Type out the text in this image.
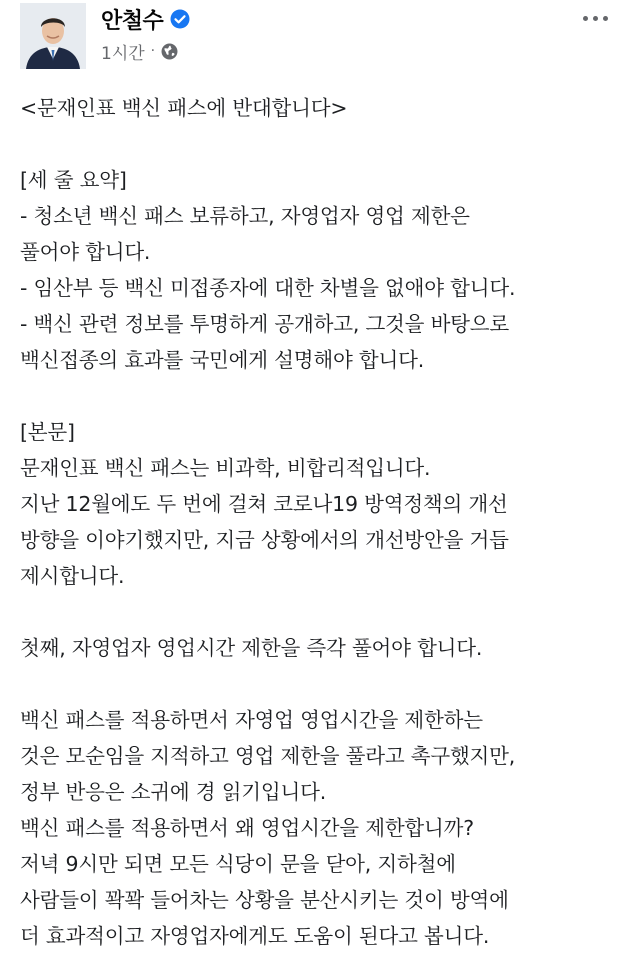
안철수
1시간 ·
<문재인표 백신 패스에 반대합니다>
[세 줄 요약]
- 청소년 백신 패스 보류하고, 자영업자 영업 제한은
풀어야 합니다.
- 임산부 등 백신 미접종자에 대한 차별을 없애야 합니다.
- 백신 관련 정보를 투명하게 공개하고, 그것을 바탕으로
백신접종의 효과를 국민에게 설명해야 합니다.
[본문]
문재인표 백신 패스는 비과학, 비합리적입니다.
지난 12월에도 두 번에 걸쳐 코로나19 방역정책의 개선
방향을 이야기했지만, 지금 상황에서의 개선방안을 거듭
제시합니다.
첫째, 자영업자 영업시간 제한을 즉각 풀어야 합니다.
백신 패스를 적용하면서 자영업 영업시간을 제한하는
것은 모순임을 지적하고 영업 제한을 풀라고 촉구했지만,
정부 반응은 소귀에 경 읽기입니다.
백신 패스를 적용하면서 왜 영업시간을 제한합니까?
저녁 9시만 되면 모든 식당이 문을 닫아, 지하철에
사람들이 꽉꽉 들어차는 상황을 분산시키는 것이 방역에
더 효과적이고 자영업자에게도 도움이 된다고 봅니다.
